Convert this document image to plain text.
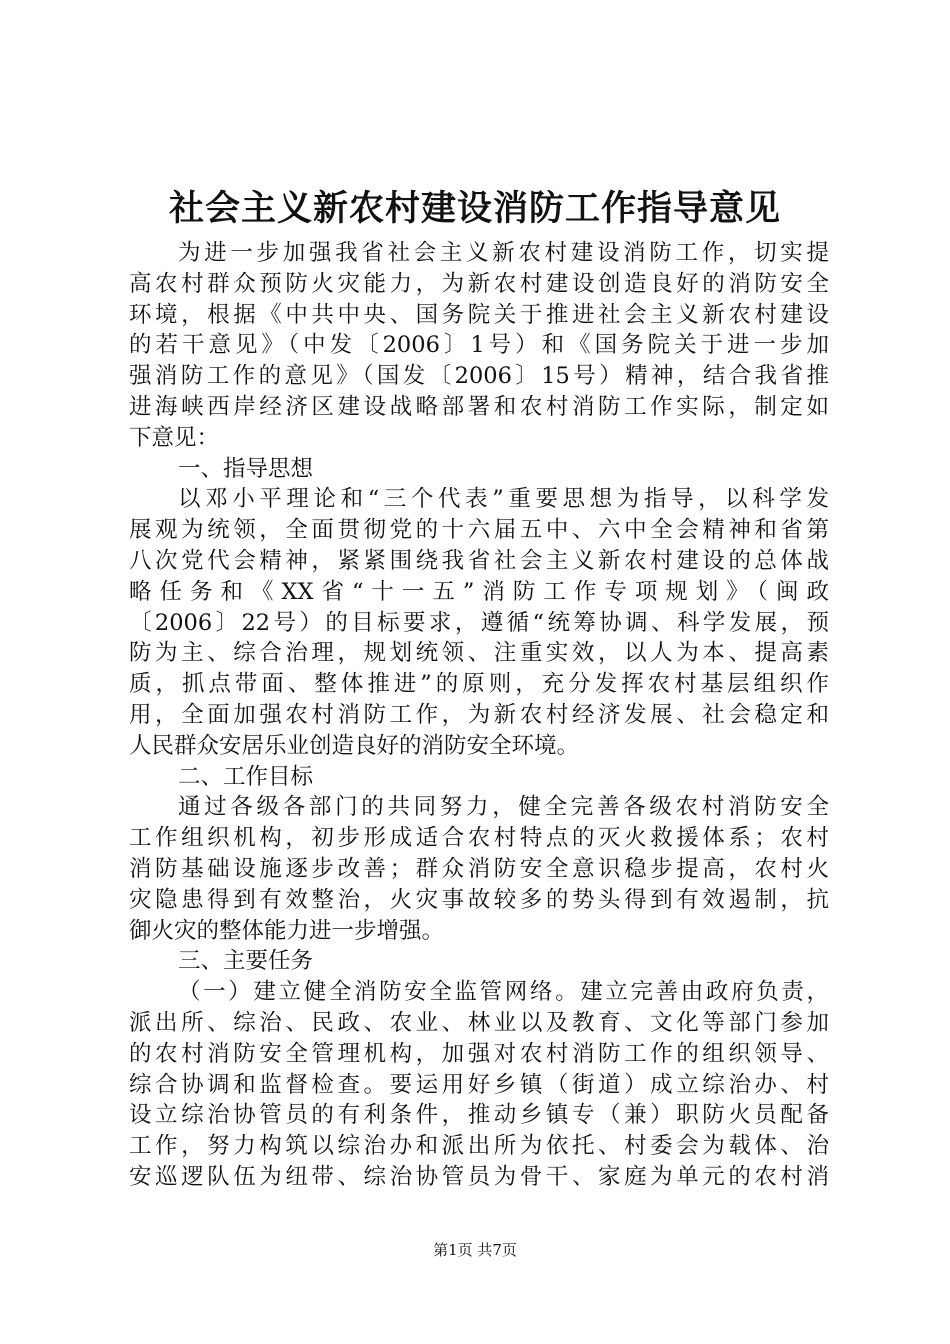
社会主义新农村建设消防工作指导意见
为进一步加强我省社会主义新农村建设消防工作，切实提
高农村群众预防火灾能力，为新农村建设创造良好的消防安全
环境，根据《中共中央、国务院关于推进社会主义新农村建设
的若干意见》（中发〔2006〕1号）和《国务院关于进一步加
强消防工作的意见》（国发〔2006〕15号）精神，结合我省推
进海峡西岸经济区建设战略部署和农村消防工作实际，制定如
下意见：
一、指导思想
以邓小平理论和“三个代表”重要思想为指导，以科学发
展观为统领，全面贯彻党的十六届五中、六中全会精神和省第
八次党代会精神，紧紧围绕我省社会主义新农村建设的总体战
略任务和《XX省“十一五”消防工作专项规划》（闽政
〔2006〕22号）的目标要求，遵循“统筹协调、科学发展，预
防为主、综合治理，规划统领、注重实效，以人为本、提高素
质，抓点带面、整体推进”的原则，充分发挥农村基层组织作
用，全面加强农村消防工作，为新农村经济发展、社会稳定和
人民群众安居乐业创造良好的消防安全环境。
二、工作目标
通过各级各部门的共同努力，健全完善各级农村消防安全
工作组织机构，初步形成适合农村特点的灭火救援体系；农村
消防基础设施逐步改善；群众消防安全意识稳步提高，农村火
灾隐患得到有效整治，火灾事故较多的势头得到有效遏制，抗
御火灾的整体能力进一步增强。
三、主要任务
（一）建立健全消防安全监管网络。建立完善由政府负责，
派出所、综治、民政、农业、林业以及教育、文化等部门参加
的农村消防安全管理机构，加强对农村消防工作的组织领导、
综合协调和监督检查。要运用好乡镇（街道）成立综治办、村
设立综治协管员的有利条件，推动乡镇专（兼）职防火员配备
工作，努力构筑以综治办和派出所为依托、村委会为载体、治
安巡逻队伍为纽带、综治协管员为骨干、家庭为单元的农村消
第1页 共7页
